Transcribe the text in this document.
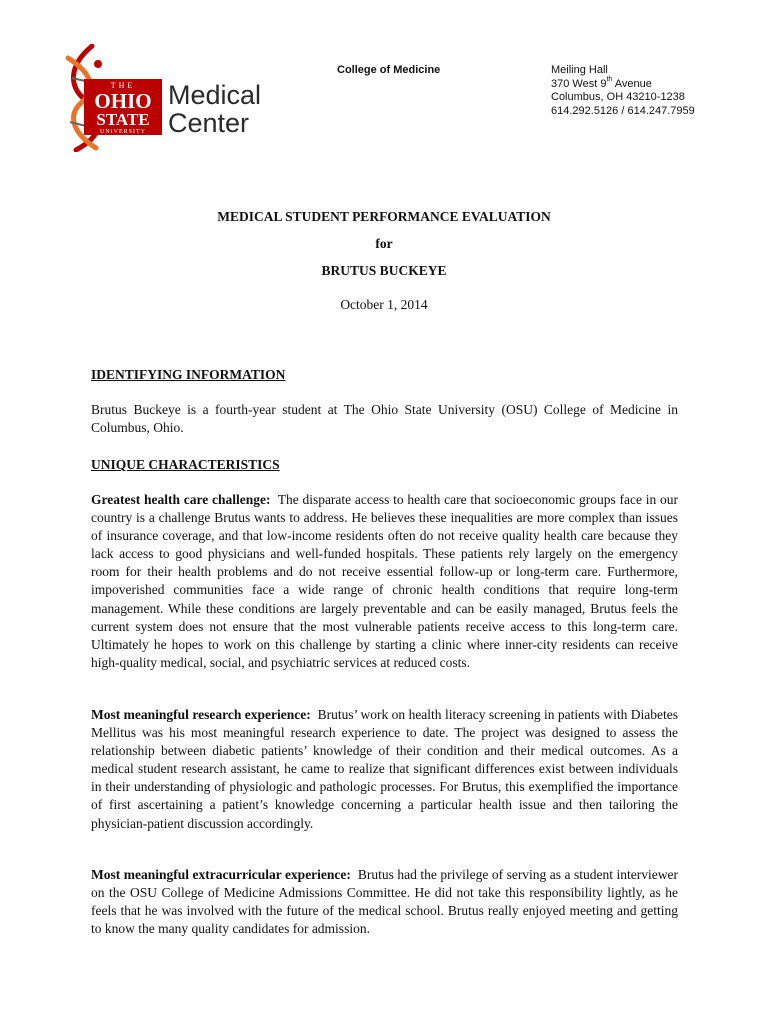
THE
OHIO
STATE
UNIVERSITY
Medical
Center
College of Medicine	Meiling Hall
370 West 9th Avenue
Columbus, OH 43210-1238
614.292.5126 / 614.247.7959
MEDICAL STUDENT PERFORMANCE EVALUATION
for
BRUTUS BUCKEYE
October 1, 2014
IDENTIFYING INFORMATION
Brutus Buckeye is a fourth-year student at The Ohio State University (OSU) College of Medicine in Columbus, Ohio.
UNIQUE CHARACTERISTICS
Greatest health care challenge: The disparate access to health care that socioeconomic groups face in our country is a challenge Brutus wants to address. He believes these inequalities are more complex than issues of insurance coverage, and that low-income residents often do not receive quality health care because they lack access to good physicians and well-funded hospitals. These patients rely largely on the emergency room for their health problems and do not receive essential follow-up or long-term care. Furthermore, impoverished communities face a wide range of chronic health conditions that require long-term management. While these conditions are largely preventable and can be easily managed, Brutus feels the current system does not ensure that the most vulnerable patients receive access to this long-term care. Ultimately he hopes to work on this challenge by starting a clinic where inner-city residents can receive high-quality medical, social, and psychiatric services at reduced costs.
Most meaningful research experience: Brutus’ work on health literacy screening in patients with Diabetes Mellitus was his most meaningful research experience to date. The project was designed to assess the relationship between diabetic patients’ knowledge of their condition and their medical outcomes. As a medical student research assistant, he came to realize that significant differences exist between individuals in their understanding of physiologic and pathologic processes. For Brutus, this exemplified the importance of first ascertaining a patient’s knowledge concerning a particular health issue and then tailoring the physician-patient discussion accordingly.
Most meaningful extracurricular experience: Brutus had the privilege of serving as a student interviewer on the OSU College of Medicine Admissions Committee. He did not take this responsibility lightly, as he feels that he was involved with the future of the medical school. Brutus really enjoyed meeting and getting to know the many quality candidates for admission.
